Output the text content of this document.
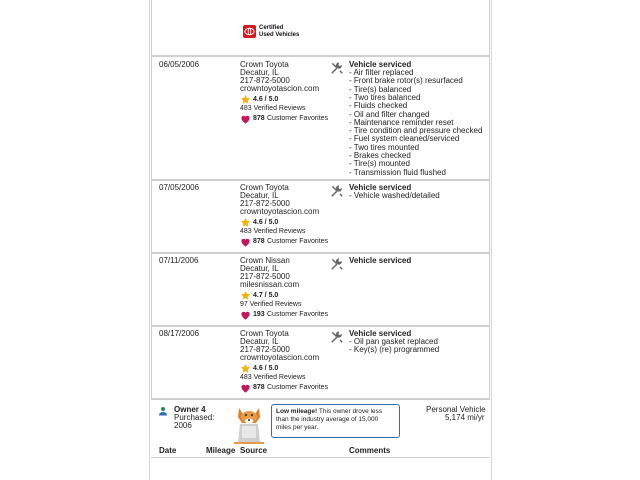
Certified
Used Vehicles
06/05/2006	Crown Toyota
Decatur, IL
217-872-5000
crowntoyotascion.com
4.6 / 5.0
483 Verified Reviews
878 Customer Favorites
Vehicle serviced
- Air filter replaced
- Front brake rotor(s) resurfaced
- Tire(s) balanced
- Two tires balanced
- Fluids checked
- Oil and filter changed
- Maintenance reminder reset
- Tire condition and pressure checked
- Fuel system cleaned/serviced
- Two tires mounted
- Brakes checked
- Tire(s) mounted
- Transmission fluid flushed
07/05/2006	Crown Toyota
Decatur, IL
217-872-5000
crowntoyotascion.com
4.6 / 5.0
483 Verified Reviews
878 Customer Favorites
Vehicle serviced
- Vehicle washed/detailed
07/11/2006	Crown Nissan
Decatur, IL
217-872-5000
milesnissan.com
4.7 / 5.0
97 Verified Reviews
193 Customer Favorites
Vehicle serviced
08/17/2006	Crown Toyota
Decatur, IL
217-872-5000
crowntoyotascion.com
4.6 / 5.0
483 Verified Reviews
878 Customer Favorites
Vehicle serviced
- Oil pan gasket replaced
- Key(s) (re) programmed
Owner 4
Purchased:
2006
Low mileage! This owner drove less than the industry average of 15,000 miles per year.
Personal Vehicle
5,174 mi/yr
Date	Mileage Source	Comments
